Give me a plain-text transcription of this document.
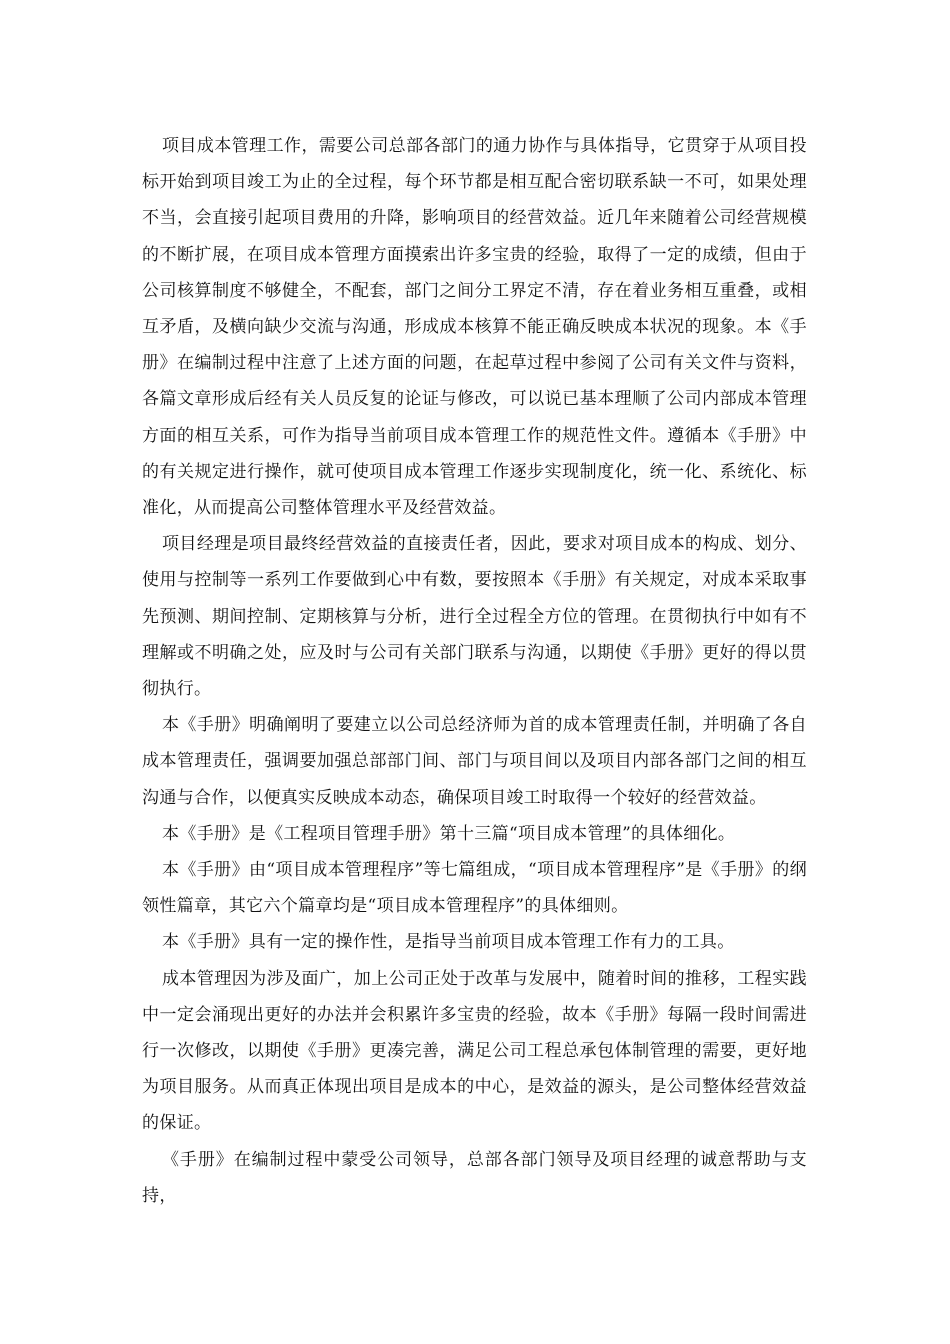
项目成本管理工作，需要公司总部各部门的通力协作与具体指导，它贯穿于从项目投标开始到项目竣工为止的全过程，每个环节都是相互配合密切联系缺一不可，如果处理不当，会直接引起项目费用的升降，影响项目的经营效益。近几年来随着公司经营规模的不断扩展，在项目成本管理方面摸索出许多宝贵的经验，取得了一定的成绩，但由于公司核算制度不够健全，不配套，部门之间分工界定不清，存在着业务相互重叠，或相互矛盾，及横向缺少交流与沟通，形成成本核算不能正确反映成本状况的现象。本《手册》在编制过程中注意了上述方面的问题，在起草过程中参阅了公司有关文件与资料，各篇文章形成后经有关人员反复的论证与修改，可以说已基本理顺了公司内部成本管理方面的相互关系，可作为指导当前项目成本管理工作的规范性文件。遵循本《手册》中的有关规定进行操作，就可使项目成本管理工作逐步实现制度化，统一化、系统化、标准化，从而提高公司整体管理水平及经营效益。

项目经理是项目最终经营效益的直接责任者，因此，要求对项目成本的构成、划分、使用与控制等一系列工作要做到心中有数，要按照本《手册》有关规定，对成本采取事先预测、期间控制、定期核算与分析，进行全过程全方位的管理。在贯彻执行中如有不理解或不明确之处，应及时与公司有关部门联系与沟通，以期使《手册》更好的得以贯彻执行。

本《手册》明确阐明了要建立以公司总经济师为首的成本管理责任制，并明确了各自成本管理责任，强调要加强总部部门间、部门与项目间以及项目内部各部门之间的相互沟通与合作，以便真实反映成本动态，确保项目竣工时取得一个较好的经营效益。

本《手册》是《工程项目管理手册》第十三篇“项目成本管理”的具体细化。

本《手册》由“项目成本管理程序”等七篇组成，“项目成本管理程序”是《手册》的纲领性篇章，其它六个篇章均是“项目成本管理程序”的具体细则。

本《手册》具有一定的操作性，是指导当前项目成本管理工作有力的工具。

成本管理因为涉及面广，加上公司正处于改革与发展中，随着时间的推移，工程实践中一定会涌现出更好的办法并会积累许多宝贵的经验，故本《手册》每隔一段时间需进行一次修改，以期使《手册》更凑完善，满足公司工程总承包体制管理的需要，更好地为项目服务。从而真正体现出项目是成本的中心，是效益的源头，是公司整体经营效益的保证。

《手册》在编制过程中蒙受公司领导，总部各部门领导及项目经理的诚意帮助与支持，
